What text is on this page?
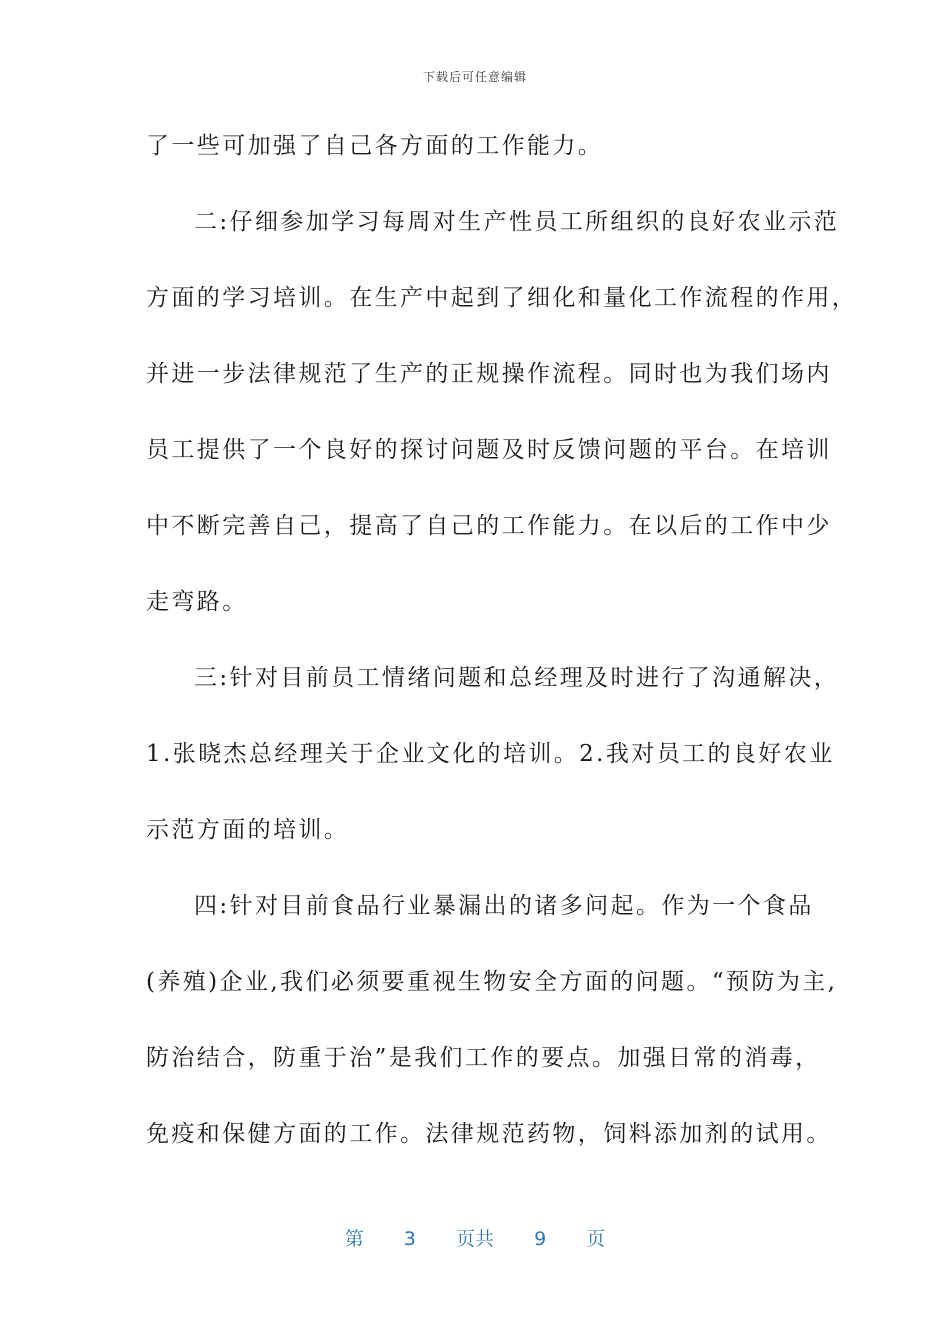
下载后可任意编辑
了一些可加强了自己各方面的工作能力。
二:仔细参加学习每周对生产性员工所组织的良好农业示范
方面的学习培训。在生产中起到了细化和量化工作流程的作用，
并进一步法律规范了生产的正规操作流程。同时也为我们场内
员工提供了一个良好的探讨问题及时反馈问题的平台。在培训
中不断完善自己，提高了自己的工作能力。在以后的工作中少
走弯路。
三:针对目前员工情绪问题和总经理及时进行了沟通解决，
1.张晓杰总经理关于企业文化的培训。2.我对员工的良好农业
示范方面的培训。
四:针对目前食品行业暴漏出的诸多问起。作为一个食品
(养殖)企业,我们必须要重视生物安全方面的问题。“预防为主,
防治结合，防重于治”是我们工作的要点。加强日常的消毒，
免疫和保健方面的工作。法律规范药物，饲料添加剂的试用。
第 3 页共 9 页
